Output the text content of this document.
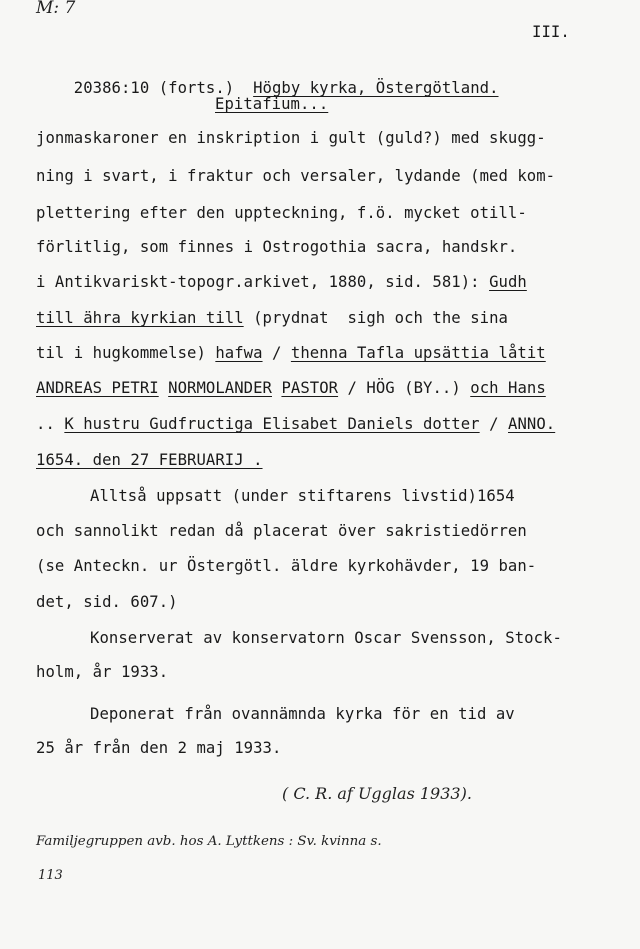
M: 7
III.

20386:10 (forts.) Högby kyrka, Östergötland.

Epitafium...
jonmaskaroner en inskription i gult (guld?) med skugg-
ning i svart, i fraktur och versaler, lydande (med kom-
plettering efter den uppteckning, f.ö. mycket otill-
förlitlig, som finnes i Ostrogothia sacra, handskr.
i Antikvariskt-topogr.arkivet, 1880, sid. 581): Gudh
till ähra kyrkian till (prydnat  sigh och the sina
til i hugkommelse) hafwa / thenna Tafla upsättia låtit
ANDREAS PETRI NORMOLANDER PASTOR / HÖG (BY..) och Hans
.. K hustru Gudfructiga Elisabet Daniels dotter / ANNO.
1654. den 27 FEBRUARIJ .
Alltså uppsatt (under stiftarens livstid)1654
och sannolikt redan då placerat över sakristiedörren
(se Anteckn. ur Östergötl. äldre kyrkohävder, 19 ban-
det, sid. 607.)
Konserverat av konservatorn Oscar Svensson, Stock-
holm, år 1933.
Deponerat från ovannämnda kyrka för en tid av
25 år från den 2 maj 1933.
( C. R. af Ugglas 1933).
Familjegruppen avb. hos A. Lyttkens : Sv. kvinna s.
113
